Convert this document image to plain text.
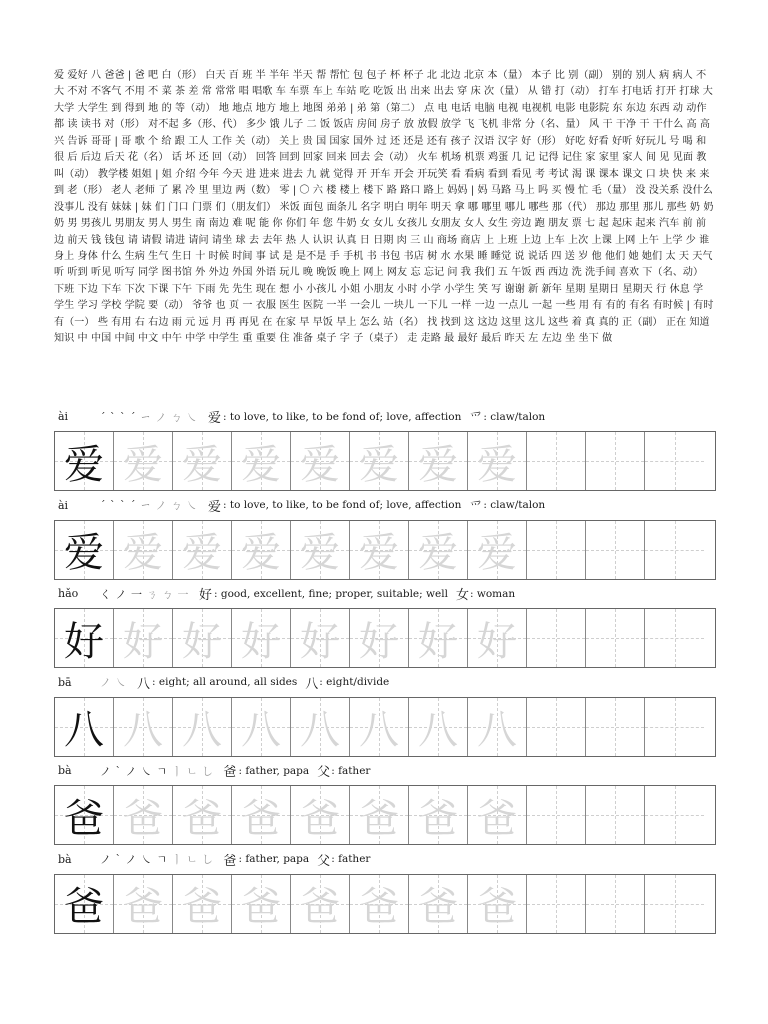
爱 爱好 八 爸爸 | 爸 吧 白（形） 白天 百 班 半 半年 半天 帮 帮忙 包 包子 杯 杯子 北 北边 北京 本（量） 本子 比 别（副） 别的 别人 病 病人 不大 不对 不客气 不用 不 菜 茶 差 常 常常 唱 唱歌 车 车票 车上 车站 吃 吃饭 出 出来 出去 穿 床 次（量） 从 错 打（动） 打车 打电话 打开 打球 大 大学 大学生 到 得到 地 的 等（动） 地 地点 地方 地上 地图 弟弟 | 弟 第（第二） 点 电 电话 电脑 电视 电视机 电影 电影院 东 东边 东西 动 动作 都 读 读书 对（形） 对不起 多（形、代） 多少 饿 儿子 二 饭 饭店 房间 房子 放 放假 放学 飞 飞机 非常 分（名、量） 风 干 干净 干 干什么 高 高兴 告诉 哥哥 | 哥 歌 个 给 跟 工人 工作 关（动） 关上 贵 国 国家 国外 过 还 还是 还有 孩子 汉语 汉字 好（形） 好吃 好看 好听 好玩儿 号 喝 和 很 后 后边 后天 花（名） 话 坏 还 回（动） 回答 回到 回家 回来 回去 会（动） 火车 机场 机票 鸡蛋 几 记 记得 记住 家 家里 家人 间 见 见面 教 叫（动） 教学楼 姐姐 | 姐 介绍 今年 今天 进 进来 进去 九 就 觉得 开 开车 开会 开玩笑 看 看病 看到 看见 考 考试 渴 课 课本 课文 口 块 快 来 来到 老（形） 老人 老师 了 累 冷 里 里边 两（数） 零 | 〇 六 楼 楼上 楼下 路 路口 路上 妈妈 | 妈 马路 马上 吗 买 慢 忙 毛（量） 没 没关系 没什么 没事儿 没有 妹妹 | 妹 们 门口 门票 们（朋友们） 米饭 面包 面条儿 名字 明白 明年 明天 拿 哪 哪里 哪儿 哪些 那（代） 那边 那里 那儿 那些 奶 奶奶 男 男孩儿 男朋友 男人 男生 南 南边 难 呢 能 你 你们 年 您 牛奶 女 女儿 女孩儿 女朋友 女人 女生 旁边 跑 朋友 票 七 起 起床 起来 汽车 前 前边 前天 钱 钱包 请 请假 请进 请问 请坐 球 去 去年 热 人 认识 认真 日 日期 肉 三 山 商场 商店 上 上班 上边 上车 上次 上课 上网 上午 上学 少 谁 身上 身体 什么 生病 生气 生日 十 时候 时间 事 试 是 是不是 手 手机 书 书包 书店 树 水 水果 睡 睡觉 说 说话 四 送 岁 他 他们 她 她们 太 天 天气 听 听到 听见 听写 同学 图书馆 外 外边 外国 外语 玩儿 晚 晚饭 晚上 网上 网友 忘 忘记 问 我 我们 五 午饭 西 西边 洗 洗手间 喜欢 下（名、动） 下班 下边 下车 下次 下课 下午 下雨 先 先生 现在 想 小 小孩儿 小姐 小朋友 小时 小学 小学生 笑 写 谢谢 新 新年 星期 星期日 星期天 行 休息 学 学生 学习 学校 学院 要（动） 爷爷 也 页 一 衣服 医生 医院 一半 一会儿 一块儿 一下儿 一样 一边 一点儿 一起 一些 用 有 有的 有名 有时候 | 有时 有（一） 些 有用 右 右边 雨 元 远 月 再 再见 在 在家 早 早饭 早上 怎么 站（名） 找 找到 这 这边 这里 这儿 这些 着 真 真的 正（副） 正在 知道 知识 中 中国 中间 中文 中午 中学 中学生 重 重要 住 准备 桌子 字 子（桌子） 走 走路 最 最好 最后 昨天 左 左边 坐 坐下 做
ài	ˊ ˋ ˋ ˊ ㄧ ノ ㄅ ㇏ 爱 : to love, to like, to be fond of; love, affection 爫 : claw/talon
爱 爱 爱 爱 爱 爱 爱 爱
ài	ˊ ˋ ˋ ˊ ㄧ ノ ㄅ ㇏ 爱 : to love, to like, to be fond of; love, affection 爫 : claw/talon
爱 爱 爱 爱 爱 爱 爱 爱
hǎo	く ノ 一 ㄋ ㄅ 一 好 : good, excellent, fine; proper, suitable; well 女 : woman
好 好 好 好 好 好 好 好
bā	ノ ㇏ 八 : eight; all around, all sides 八 : eight/divide
八 八 八 八 八 八 八 八
bà	ノ ˋ ノ ㇏ ㄱ ㅣ ㄴ し 爸 : father, papa 父 : father
爸 爸 爸 爸 爸 爸 爸 爸
bà	ノ ˋ ノ ㇏ ㄱ ㅣ ㄴ し 爸 : father, papa 父 : father
爸 爸 爸 爸 爸 爸 爸 爸
